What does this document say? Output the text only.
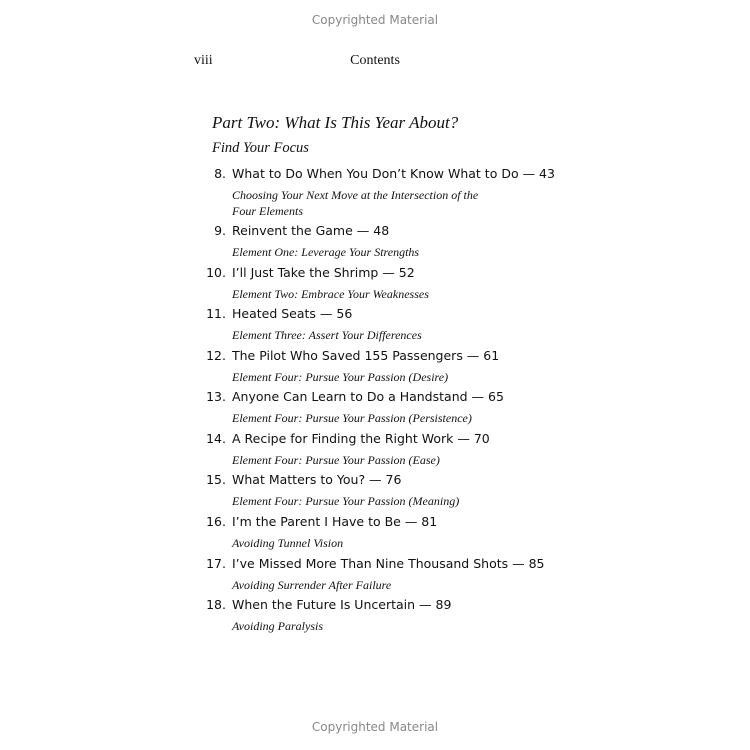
Copyrighted Material
viii	Contents
Part Two: What Is This Year About?
Find Your Focus
8. What to Do When You Don’t Know What to Do — 43
Choosing Your Next Move at the Intersection of the Four Elements
9. Reinvent the Game — 48
Element One: Leverage Your Strengths
10. I’ll Just Take the Shrimp — 52
Element Two: Embrace Your Weaknesses
11. Heated Seats — 56
Element Three: Assert Your Differences
12. The Pilot Who Saved 155 Passengers — 61
Element Four: Pursue Your Passion (Desire)
13. Anyone Can Learn to Do a Handstand — 65
Element Four: Pursue Your Passion (Persistence)
14. A Recipe for Finding the Right Work — 70
Element Four: Pursue Your Passion (Ease)
15. What Matters to You? — 76
Element Four: Pursue Your Passion (Meaning)
16. I’m the Parent I Have to Be — 81
Avoiding Tunnel Vision
17. I’ve Missed More Than Nine Thousand Shots — 85
Avoiding Surrender After Failure
18. When the Future Is Uncertain — 89
Avoiding Paralysis
Copyrighted Material
